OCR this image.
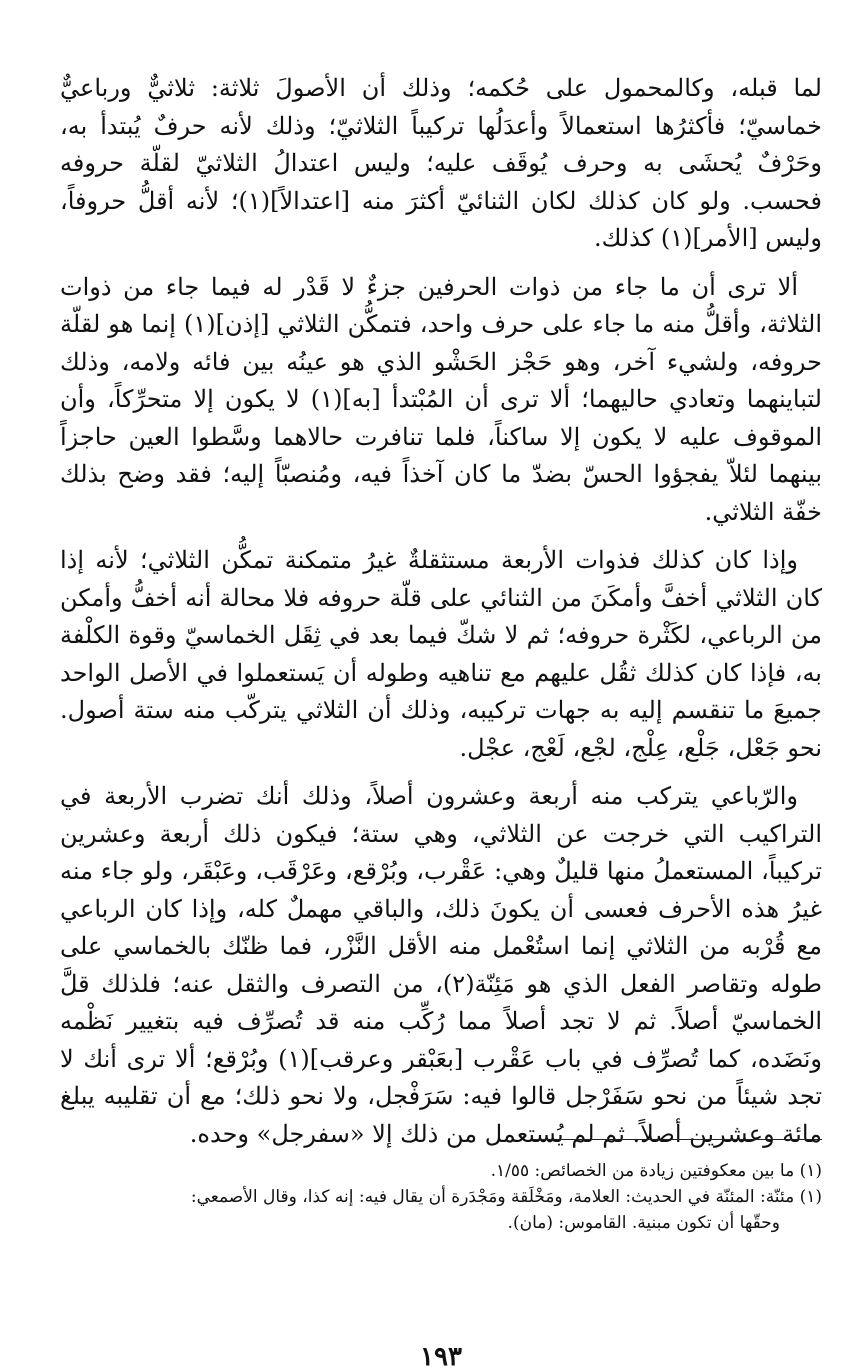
لما قبله، وكالمحمول على حُكمه؛ وذلك أن الأصولَ ثلاثة: ثلاثيٌّ ورباعيٌّ خماسيّ؛ فأكثرُها استعمالاً وأعدَلُها تركيباً الثلاثيّ؛ وذلك لأنه حرفٌ يُبتدأ به، وحَرْفٌ يُحشَى به وحرف يُوقَف عليه؛ وليس اعتدالُ الثلاثيّ لقلّة حروفه فحسب. ولو كان كذلك لكان الثنائيّ أكثرَ منه [اعتدالاً](١)؛ لأنه أقلُّ حروفاً، وليس [الأمر](١) كذلك.

ألا ترى أن ما جاء من ذوات الحرفين جزءٌ لا قَدْر له فيما جاء من ذوات الثلاثة، وأقلُّ منه ما جاء على حرف واحد، فتمكُّن الثلاثي [إذن](١) إنما هو لقلّة حروفه، ولشيء آخر، وهو حَجْز الحَشْو الذي هو عينُه بين فائه ولامه، وذلك لتباينهما وتعادي حاليهما؛ ألا ترى أن المُبْتدأ [به](١) لا يكون إلا متحرِّكاً، وأن الموقوف عليه لا يكون إلا ساكناً، فلما تنافرت حالاهما وسَّطوا العين حاجزاً بينهما لئلاّ يفجؤوا الحسّ بضدّ ما كان آخذاً فيه، ومُنصبّاً إليه؛ فقد وضح بذلك خفّة الثلاثي.

وإذا كان كذلك فذوات الأربعة مستثقلةٌ غيرُ متمكنة تمكُّن الثلاثي؛ لأنه إذا كان الثلاثي أخفَّ وأمكَنَ من الثنائي على قلّة حروفه فلا محالة أنه أخفُّ وأمكن من الرباعي، لكَثْرة حروفه؛ ثم لا شكّ فيما بعد في ثِقَل الخماسيّ وقوة الكلْفة به، فإذا كان كذلك ثقُل عليهم مع تناهيه وطوله أن يَستعملوا في الأصل الواحد جميعَ ما تنقسم إليه به جهات تركيبه، وذلك أن الثلاثي يتركّب منه ستة أصول. نحو جَعْل، جَلْع، عِلْج، لجْع، لَعْج، عجْل.

والرّباعي يتركب منه أربعة وعشرون أصلاً، وذلك أنك تضرب الأربعة في التراكيب التي خرجت عن الثلاثي، وهي ستة؛ فيكون ذلك أربعة وعشرين تركيباً، المستعملُ منها قليلٌ وهي: عَقْرب، وبُرْقع، وعَرْقَب، وعَبْقَر، ولو جاء منه غيرُ هذه الأحرف فعسى أن يكونَ ذلك، والباقي مهملٌ كله، وإذا كان الرباعي مع قُرْبه من الثلاثي إنما استُعْمل منه الأقل النَّزْر، فما ظنّك بالخماسي على طوله وتقاصر الفعل الذي هو مَئِنّة(٢)، من التصرف والثقل عنه؛ فلذلك قلَّ الخماسيّ أصلاً. ثم لا تجد أصلاً مما رُكِّب منه قد تُصرِّف فيه بتغيير نَظْمه ونَضَده، كما تُصرِّف في باب عَقْرب [بعَبْقر وعرقب](١) وبُرْقع؛ ألا ترى أنك لا تجد شيئاً من نحو سَفَرْجل قالوا فيه: سَرَفْجل، ولا نحو ذلك؛ مع أن تقليبه يبلغ مائة وعشرين أصلاً. ثم لم يُستعمل من ذلك إلا «سفرجل» وحده.

(١) ما بين معكوفتين زيادة من الخصائص: ١/٥٥.

(١) مئنّة: المئنّة في الحديث: العلامة، ومَخْلَقة ومَجْدَرة أن يقال فيه: إنه كذا، وقال الأصمعي:

وحقّها أن تكون مبنية. القاموس: (مان).

١٩٣
